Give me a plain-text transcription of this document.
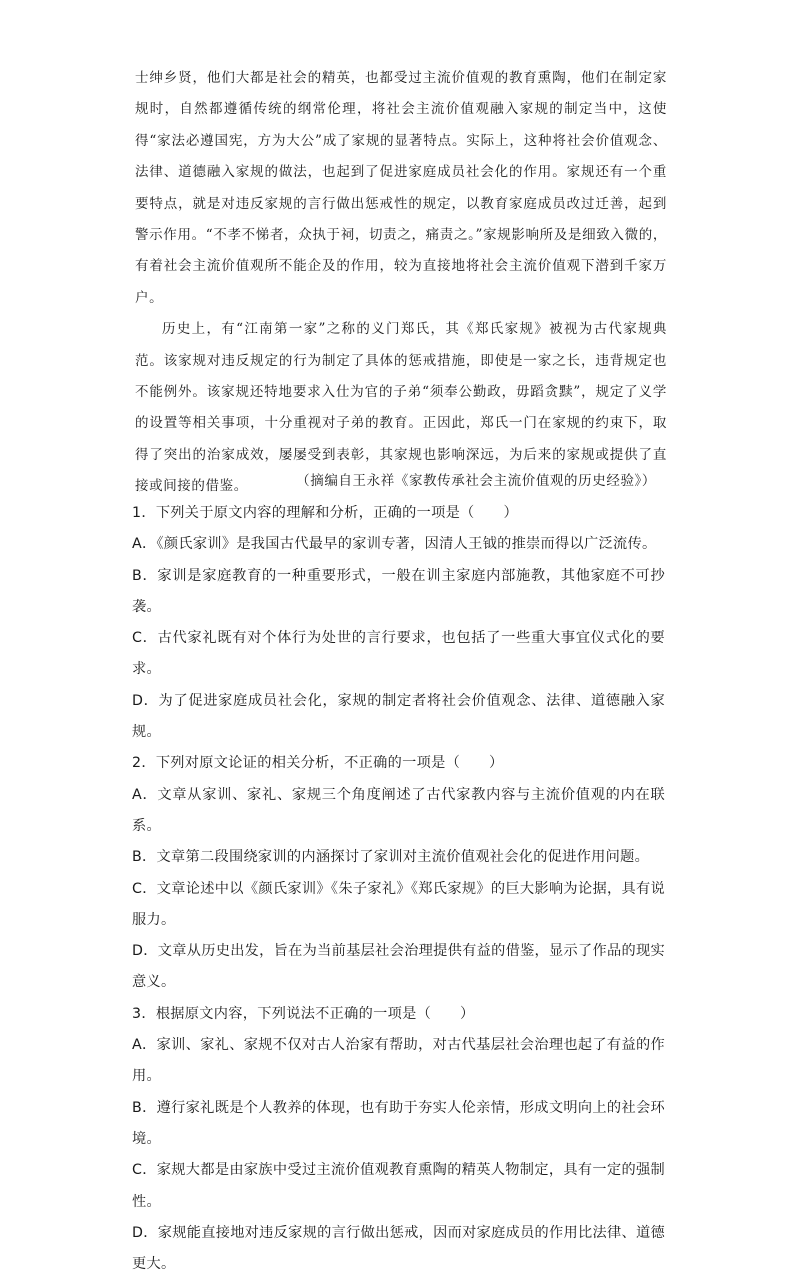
士绅乡贤，他们大都是社会的精英，也都受过主流价值观的教育熏陶，他们在制定家规时，自然都遵循传统的纲常伦理，将社会主流价值观融入家规的制定当中，这使得“家法必遵国宪，方为大公”成了家规的显著特点。实际上，这种将社会价值观念、法律、道德融入家规的做法，也起到了促进家庭成员社会化的作用。家规还有一个重要特点，就是对违反家规的言行做出惩戒性的规定，以教育家庭成员改过迁善，起到警示作用。“不孝不悌者，众执于祠，切责之，痛责之。”家规影响所及是细致入微的，有着社会主流价值观所不能企及的作用，较为直接地将社会主流价值观下潜到千家万户。

历史上，有“江南第一家”之称的义门郑氏，其《郑氏家规》被视为古代家规典范。该家规对违反规定的行为制定了具体的惩戒措施，即使是一家之长，违背规定也不能例外。该家规还特地要求入仕为官的子弟“须奉公勤政，毋蹈贪黩”，规定了义学的设置等相关事项，十分重视对子弟的教育。正因此，郑氏一门在家规的约束下，取得了突出的治家成效，屡屡受到表彰，其家规也影响深远，为后来的家规或提供了直接或间接的借鉴。	（摘编自王永祥《家教传承社会主流价值观的历史经验》）

1．下列关于原文内容的理解和分析，正确的一项是（　　）

A．《颜氏家训》是我国古代最早的家训专著，因清人王钺的推崇而得以广泛流传。

B．家训是家庭教育的一种重要形式，一般在训主家庭内部施教，其他家庭不可抄袭。

C．古代家礼既有对个体行为处世的言行要求，也包括了一些重大事宜仪式化的要求。

D．为了促进家庭成员社会化，家规的制定者将社会价值观念、法律、道德融入家规。

2．下列对原文论证的相关分析，不正确的一项是（　　）

A．文章从家训、家礼、家规三个角度阐述了古代家教内容与主流价值观的内在联系。

B．文章第二段围绕家训的内涵探讨了家训对主流价值观社会化的促进作用问题。

C．文章论述中以《颜氏家训》《朱子家礼》《郑氏家规》的巨大影响为论据，具有说服力。

D．文章从历史出发，旨在为当前基层社会治理提供有益的借鉴，显示了作品的现实意义。

3．根据原文内容，下列说法不正确的一项是（　　）

A．家训、家礼、家规不仅对古人治家有帮助，对古代基层社会治理也起了有益的作用。

B．遵行家礼既是个人教养的体现，也有助于夯实人伦亲情，形成文明向上的社会环境。

C．家规大都是由家族中受过主流价值观教育熏陶的精英人物制定，具有一定的强制性。

D．家规能直接地对违反家规的言行做出惩戒，因而对家庭成员的作用比法律、道德更大。
